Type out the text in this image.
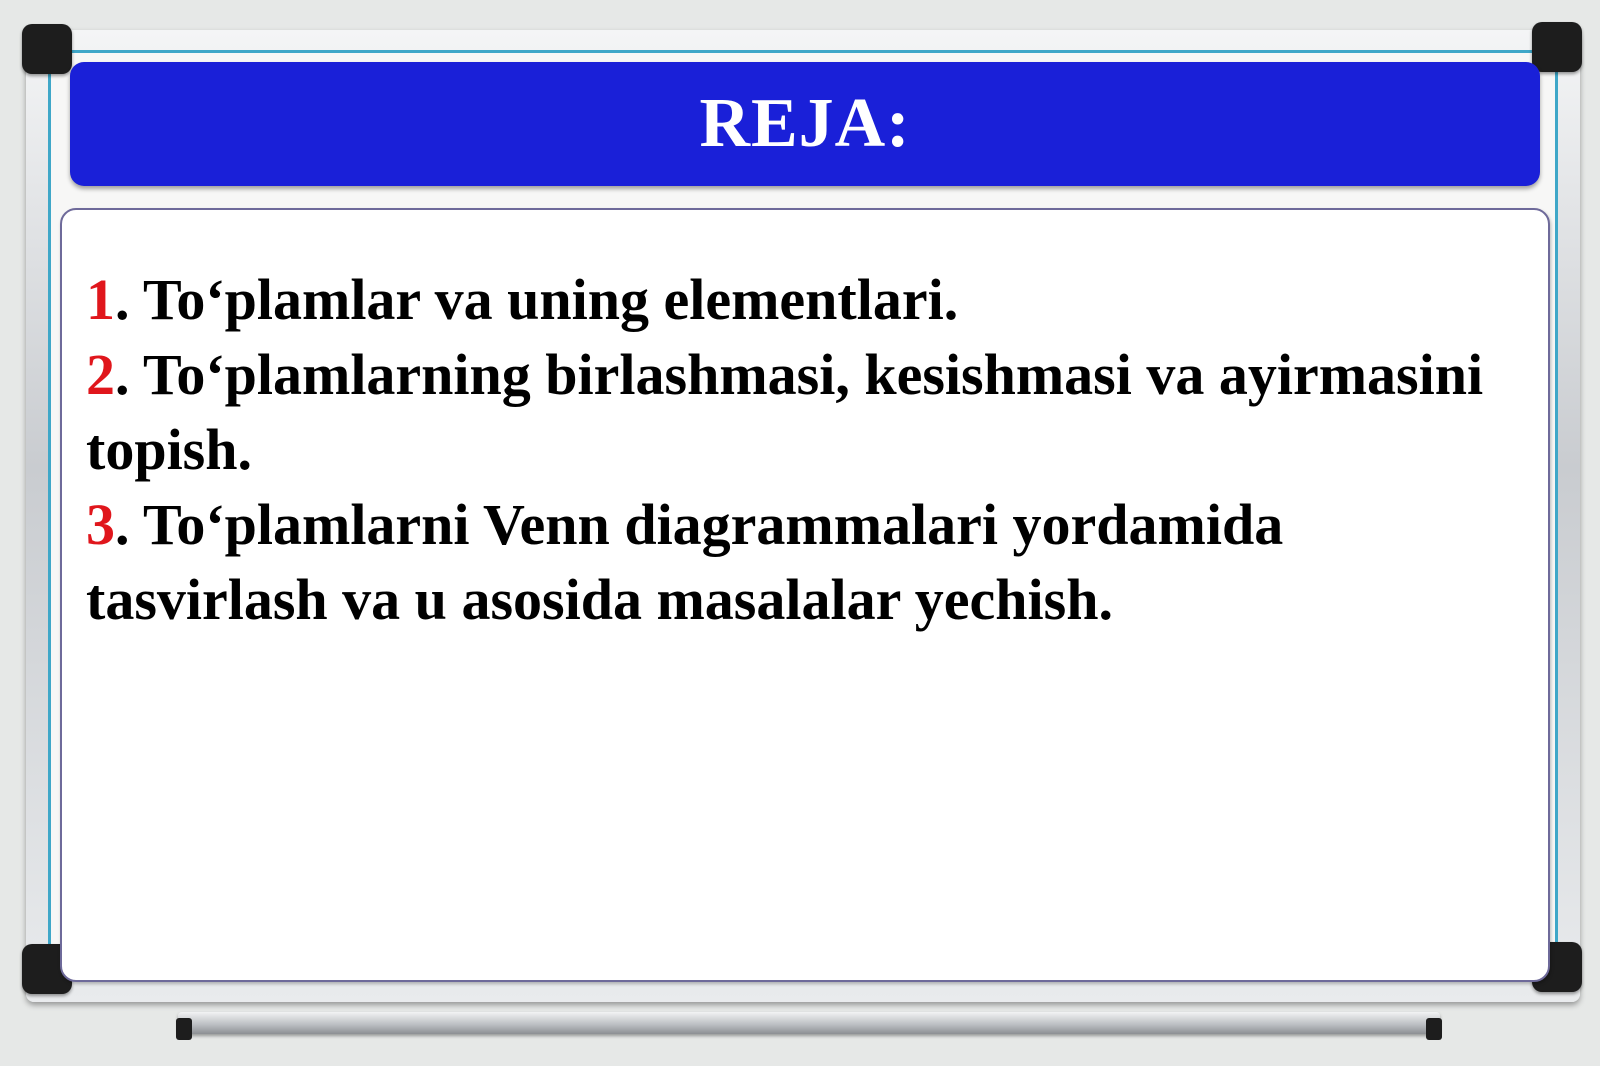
REJA:
1. To‘plamlar va uning elementlari.
2. To‘plamlarning birlashmasi, kesishmasi va ayirmasini topish.
3. To‘plamlarni Venn diagrammalari yordamida tasvirlash va u asosida masalalar yechish.
